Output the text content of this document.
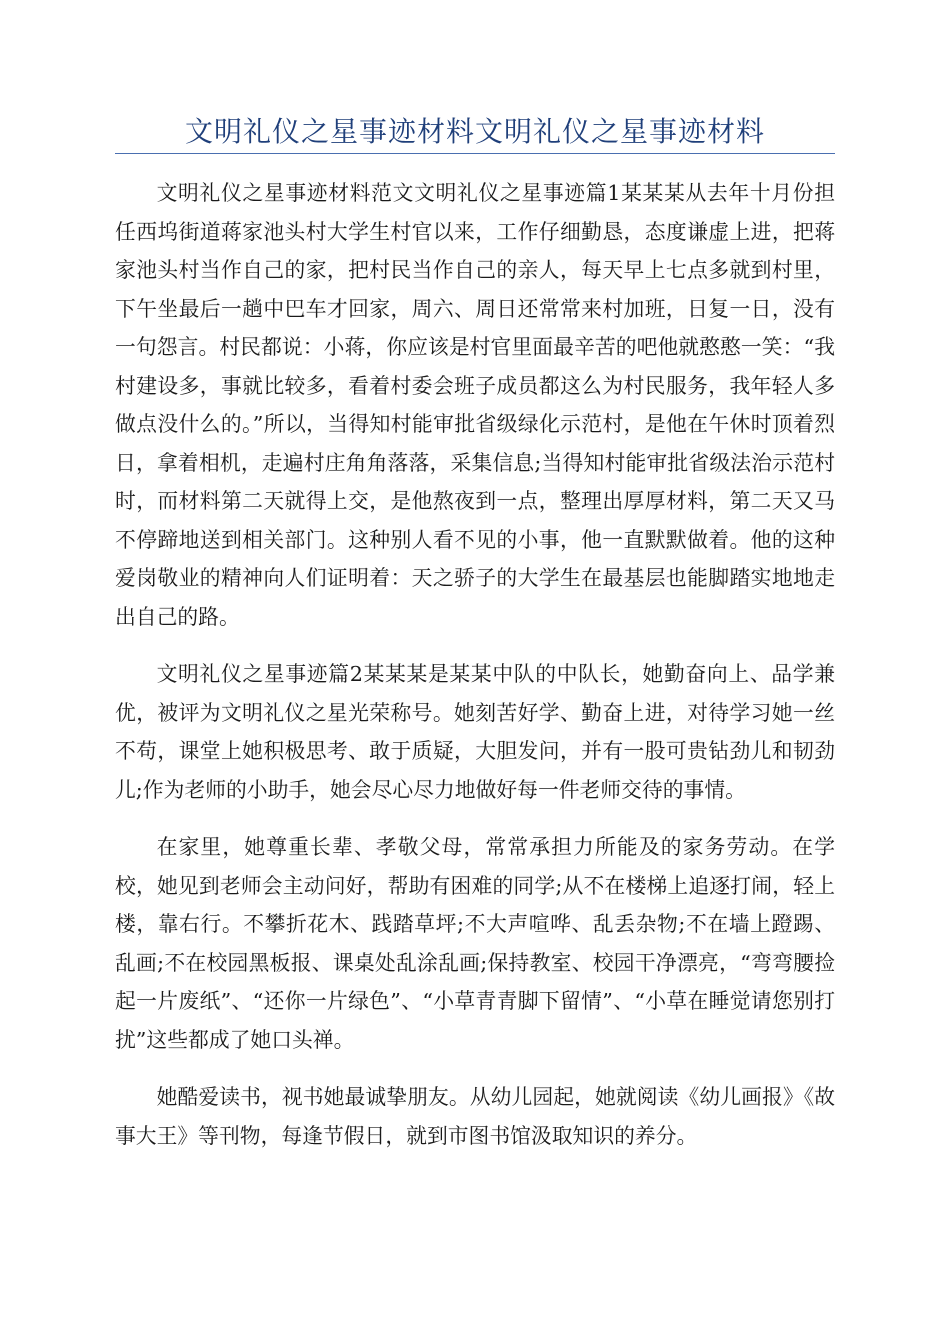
文明礼仪之星事迹材料文明礼仪之星事迹材料

文明礼仪之星事迹材料范文文明礼仪之星事迹篇1某某某从去年十月份担任西坞街道蒋家池头村大学生村官以来，工作仔细勤恳，态度谦虚上进，把蒋家池头村当作自己的家，把村民当作自己的亲人，每天早上七点多就到村里，下午坐最后一趟中巴车才回家，周六、周日还常常来村加班，日复一日，没有一句怨言。村民都说：小蒋，你应该是村官里面最辛苦的吧他就憨憨一笑：“我村建设多，事就比较多，看着村委会班子成员都这么为村民服务，我年轻人多做点没什么的。”所以，当得知村能审批省级绿化示范村，是他在午休时顶着烈日，拿着相机，走遍村庄角角落落，采集信息;当得知村能审批省级法治示范村时，而材料第二天就得上交，是他熬夜到一点，整理出厚厚材料，第二天又马不停蹄地送到相关部门。这种别人看不见的小事，他一直默默做着。他的这种爱岗敬业的精神向人们证明着：天之骄子的大学生在最基层也能脚踏实地地走出自己的路。

文明礼仪之星事迹篇2某某某是某某中队的中队长，她勤奋向上、品学兼优，被评为文明礼仪之星光荣称号。她刻苦好学、勤奋上进，对待学习她一丝不苟，课堂上她积极思考、敢于质疑，大胆发问，并有一股可贵钻劲儿和韧劲儿;作为老师的小助手，她会尽心尽力地做好每一件老师交待的事情。

在家里，她尊重长辈、孝敬父母，常常承担力所能及的家务劳动。在学校，她见到老师会主动问好，帮助有困难的同学;从不在楼梯上追逐打闹，轻上楼，靠右行。不攀折花木、践踏草坪;不大声喧哗、乱丢杂物;不在墙上蹬踢、乱画;不在校园黑板报、课桌处乱涂乱画;保持教室、校园干净漂亮，“弯弯腰捡起一片废纸”、“还你一片绿色”、“小草青青脚下留情”、“小草在睡觉请您别打扰”这些都成了她口头禅。

她酷爱读书，视书她最诚挚朋友。从幼儿园起，她就阅读《幼儿画报》《故事大王》等刊物，每逢节假日，就到市图书馆汲取知识的养分。
